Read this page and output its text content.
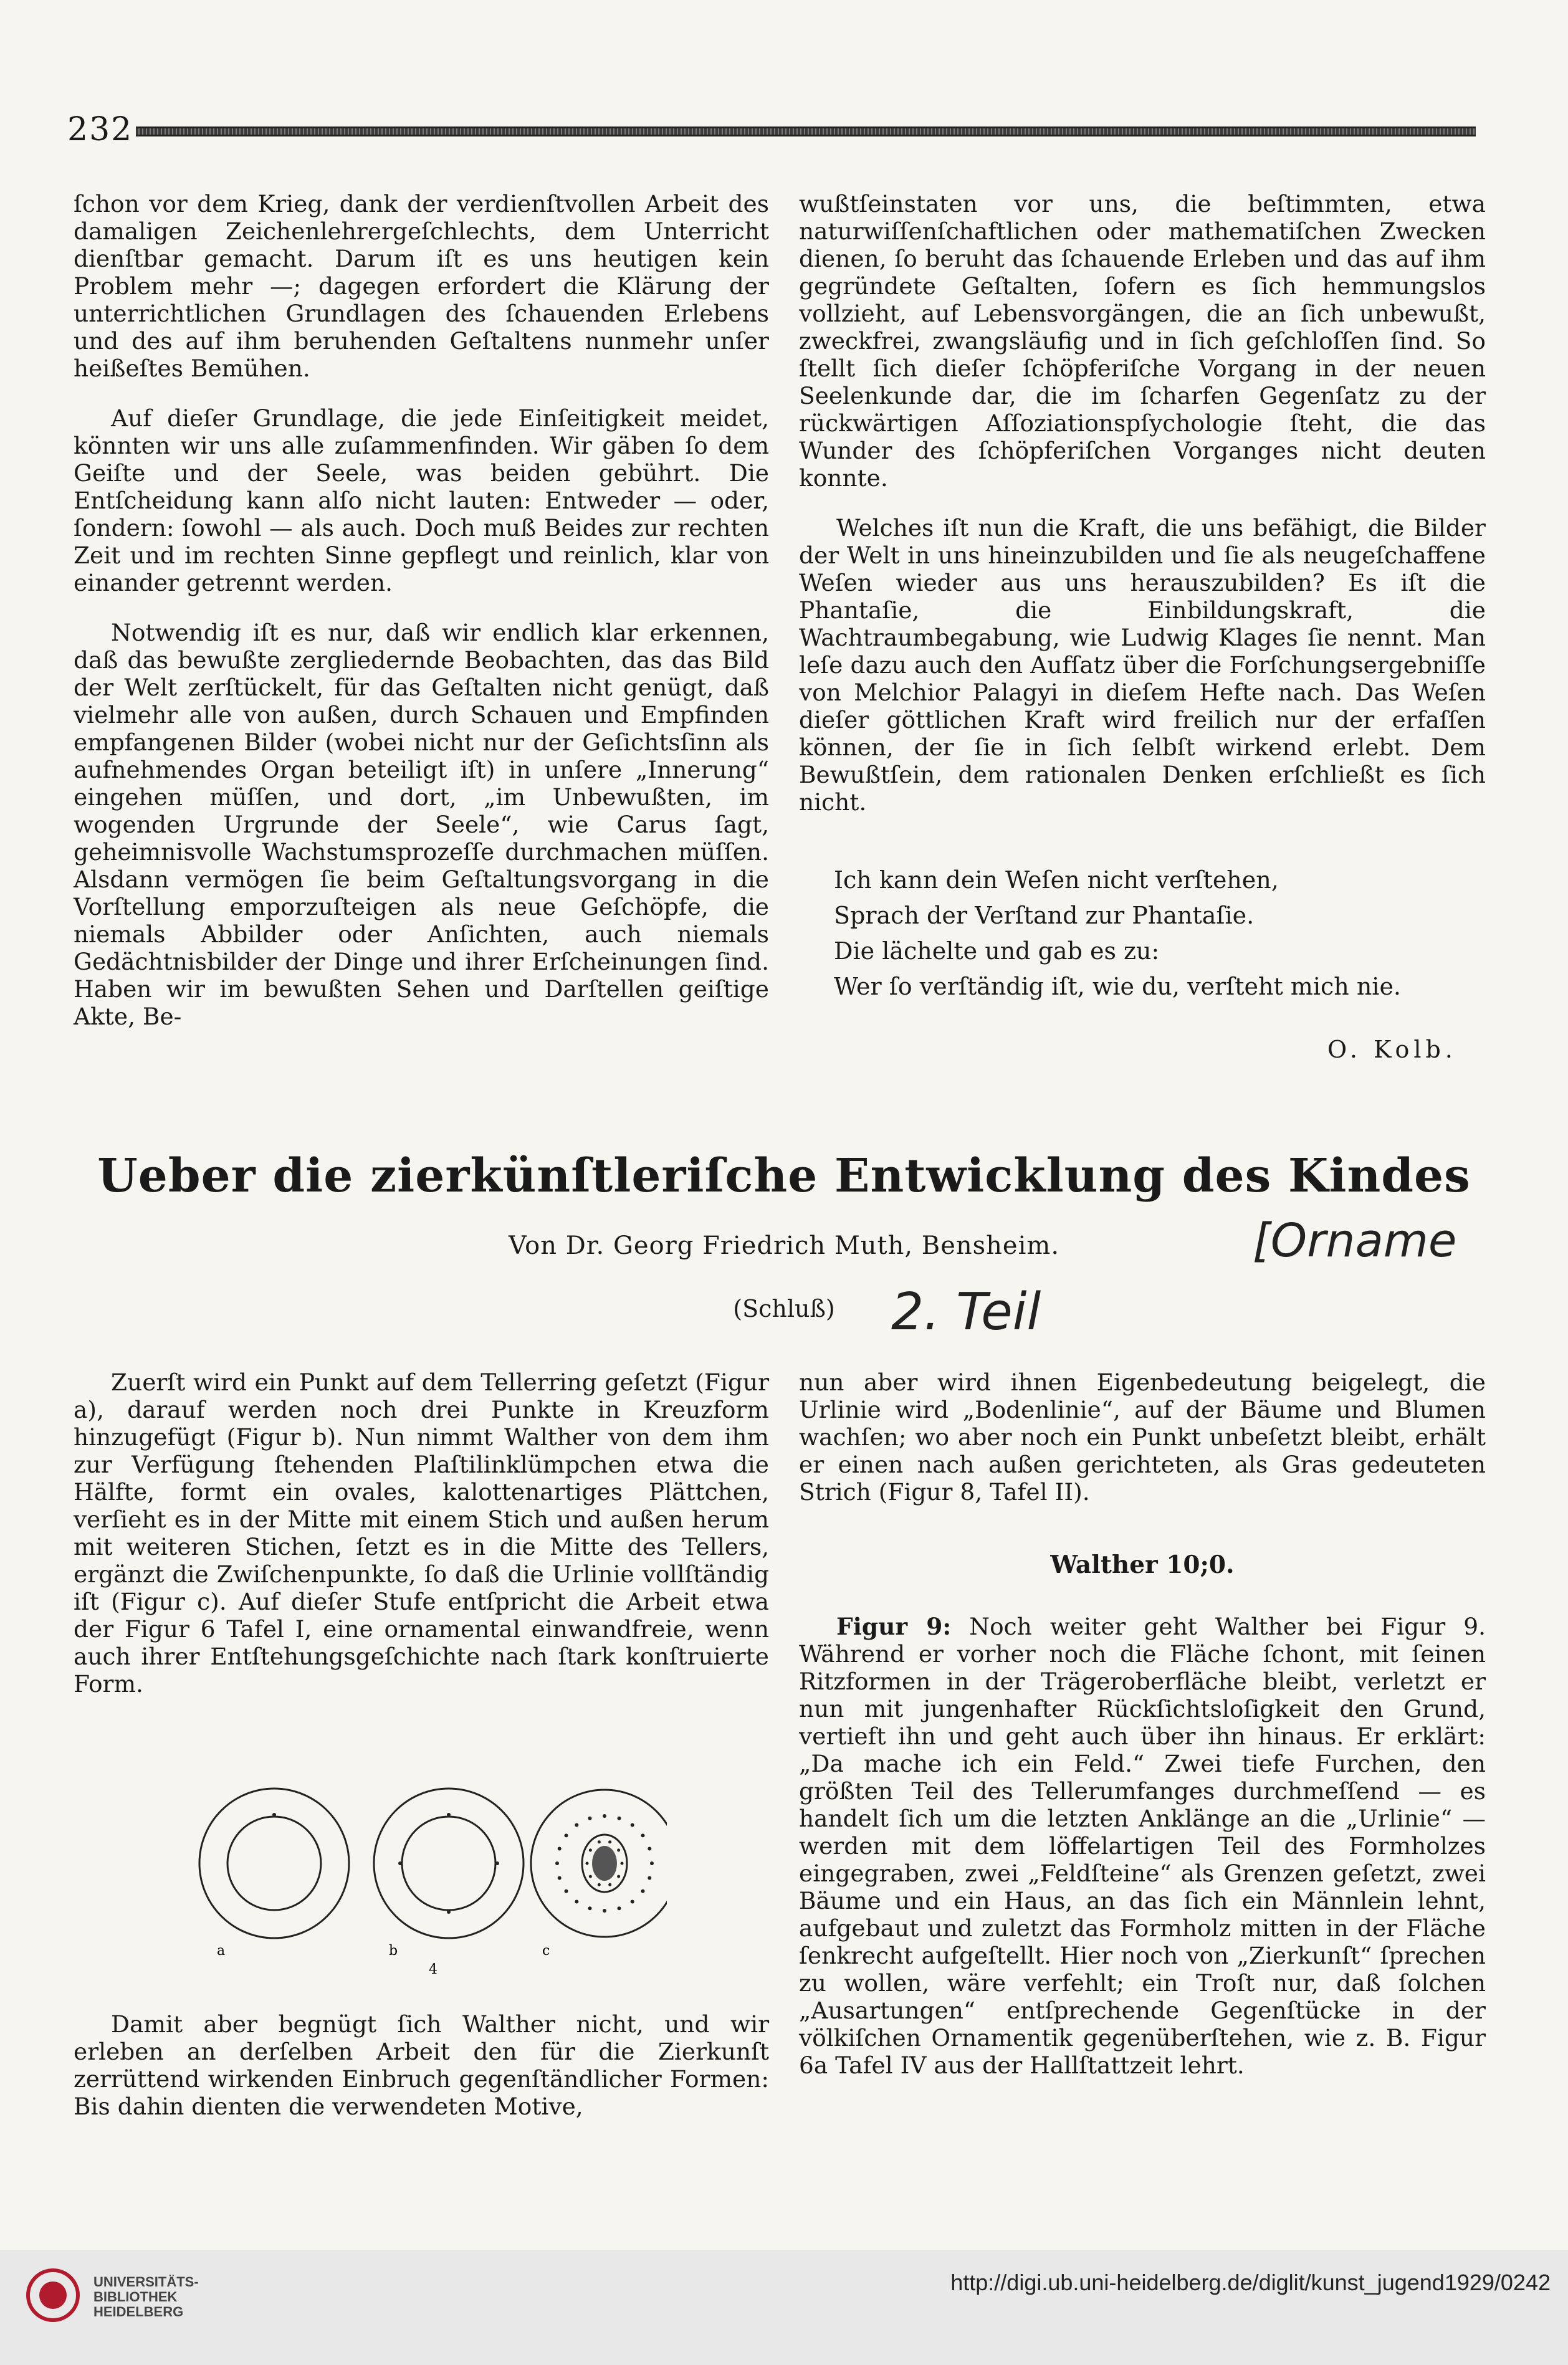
232

ſchon vor dem Krieg, dank der verdienſtvollen Arbeit des damaligen Zeichenlehrergeſchlechts, dem Unterricht dienſtbar gemacht. Darum iſt es uns heutigen kein Problem mehr —; dagegen erfordert die Klärung der unterrichtlichen Grundlagen des ſchauenden Erlebens und des auf ihm beruhenden Geſtaltens nunmehr unſer heißeſtes Bemühen.

Auf dieſer Grundlage, die jede Einſeitigkeit meidet, könnten wir uns alle zuſammenfinden. Wir gäben ſo dem Geiſte und der Seele, was beiden gebührt. Die Entſcheidung kann alſo nicht lauten: Entweder — oder, ſondern: ſowohl — als auch. Doch muß Beides zur rechten Zeit und im rechten Sinne gepflegt und reinlich, klar von einander getrennt werden.

Notwendig iſt es nur, daß wir endlich klar erkennen, daß das bewußte zergliedernde Beobachten, das das Bild der Welt zerſtückelt, für das Geſtalten nicht genügt, daß vielmehr alle von außen, durch Schauen und Empfinden empfangenen Bilder (wobei nicht nur der Geſichtsſinn als aufnehmendes Organ beteiligt iſt) in unſere „Innerung“ eingehen müſſen, und dort, „im Unbewußten, im wogenden Urgrunde der Seele“, wie Carus ſagt, geheimnisvolle Wachstumsprozeſſe durchmachen müſſen. Alsdann vermögen ſie beim Geſtaltungsvorgang in die Vorſtellung emporzuſteigen als neue Geſchöpfe, die niemals Abbilder oder Anſichten, auch niemals Gedächtnisbilder der Dinge und ihrer Erſcheinungen ſind. Haben wir im bewußten Sehen und Darſtellen geiſtige Akte, Be-

wußtſeinstaten vor uns, die beſtimmten, etwa naturwiſſenſchaftlichen oder mathematiſchen Zwecken dienen, ſo beruht das ſchauende Erleben und das auf ihm gegründete Geſtalten, ſofern es ſich hemmungslos vollzieht, auf Lebensvorgängen, die an ſich unbewußt, zweckfrei, zwangsläufig und in ſich geſchloſſen ſind. So ſtellt ſich dieſer ſchöpferiſche Vorgang in der neuen Seelenkunde dar, die im ſcharfen Gegenſatz zu der rückwärtigen Aſſoziationspſychologie ſteht, die das Wunder des ſchöpferiſchen Vorganges nicht deuten konnte.

Welches iſt nun die Kraft, die uns befähigt, die Bilder der Welt in uns hineinzubilden und ſie als neugeſchaffene Weſen wieder aus uns herauszubilden? Es iſt die Phantaſie, die Einbildungskraft, die Wachtraumbegabung, wie Ludwig Klages ſie nennt. Man leſe dazu auch den Aufſatz über die Forſchungsergebniſſe von Melchior Palagyi in dieſem Hefte nach. Das Weſen dieſer göttlichen Kraft wird freilich nur der erfaſſen können, der ſie in ſich ſelbſt wirkend erlebt. Dem Bewußtſein, dem rationalen Denken erſchließt es ſich nicht.

Ich kann dein Weſen nicht verſtehen,
Sprach der Verſtand zur Phantaſie.
Die lächelte und gab es zu:
Wer ſo verſtändig iſt, wie du, verſteht mich nie.
O. Kolb.
Ueber die zierkünſtleriſche Entwicklung des Kindes
Von Dr. Georg Friedrich Muth, Bensheim.
(Schluß)
[Orname
2. Teil

Zuerſt wird ein Punkt auf dem Tellerring geſetzt (Figur a), darauf werden noch drei Punkte in Kreuzform hinzugefügt (Figur b). Nun nimmt Walther von dem ihm zur Verfügung ſtehenden Plaſtilinklümpchen etwa die Hälfte, formt ein ovales, kalottenartiges Plättchen, verſieht es in der Mitte mit einem Stich und außen herum mit weiteren Stichen, ſetzt es in die Mitte des Tellers, ergänzt die Zwiſchenpunkte, ſo daß die Urlinie vollſtändig iſt (Figur c). Auf dieſer Stufe entſpricht die Arbeit etwa der Figur 6 Tafel I, eine ornamental einwandfreie, wenn auch ihrer Entſtehungsgeſchichte nach ſtark konſtruierte Form.

a	b	c
4

Damit aber begnügt ſich Walther nicht, und wir erleben an derſelben Arbeit den für die Zierkunſt zerrüttend wirkenden Einbruch gegenſtändlicher Formen: Bis dahin dienten die verwendeten Motive,

nun aber wird ihnen Eigenbedeutung beigelegt, die Urlinie wird „Bodenlinie“, auf der Bäume und Blumen wachſen; wo aber noch ein Punkt unbeſetzt bleibt, erhält er einen nach außen gerichteten, als Gras gedeuteten Strich (Figur 8, Tafel II).

Walther 10;0.

Figur 9: Noch weiter geht Walther bei Figur 9. Während er vorher noch die Fläche ſchont, mit ſeinen Ritzformen in der Trägeroberfläche bleibt, verletzt er nun mit jungenhafter Rückſichtsloſigkeit den Grund, vertieft ihn und geht auch über ihn hinaus. Er erklärt: „Da mache ich ein Feld.“ Zwei tiefe Furchen, den größten Teil des Tellerumfanges durchmeſſend — es handelt ſich um die letzten Anklänge an die „Urlinie“ — werden mit dem löffelartigen Teil des Formholzes eingegraben, zwei „Feldſteine“ als Grenzen geſetzt, zwei Bäume und ein Haus, an das ſich ein Männlein lehnt, aufgebaut und zuletzt das Formholz mitten in der Fläche ſenkrecht aufgeſtellt. Hier noch von „Zierkunſt“ ſprechen zu wollen, wäre verfehlt; ein Troſt nur, daß ſolchen „Ausartungen“ entſprechende Gegenſtücke in der völkiſchen Ornamentik gegenüberſtehen, wie z. B. Figur 6a Tafel IV aus der Hallſtattzeit lehrt.

UNIVERSITÄTS-
BIBLIOTHEK
HEIDELBERG
http://digi.ub.uni-heidelberg.de/diglit/kunst_jugend1929/0242
